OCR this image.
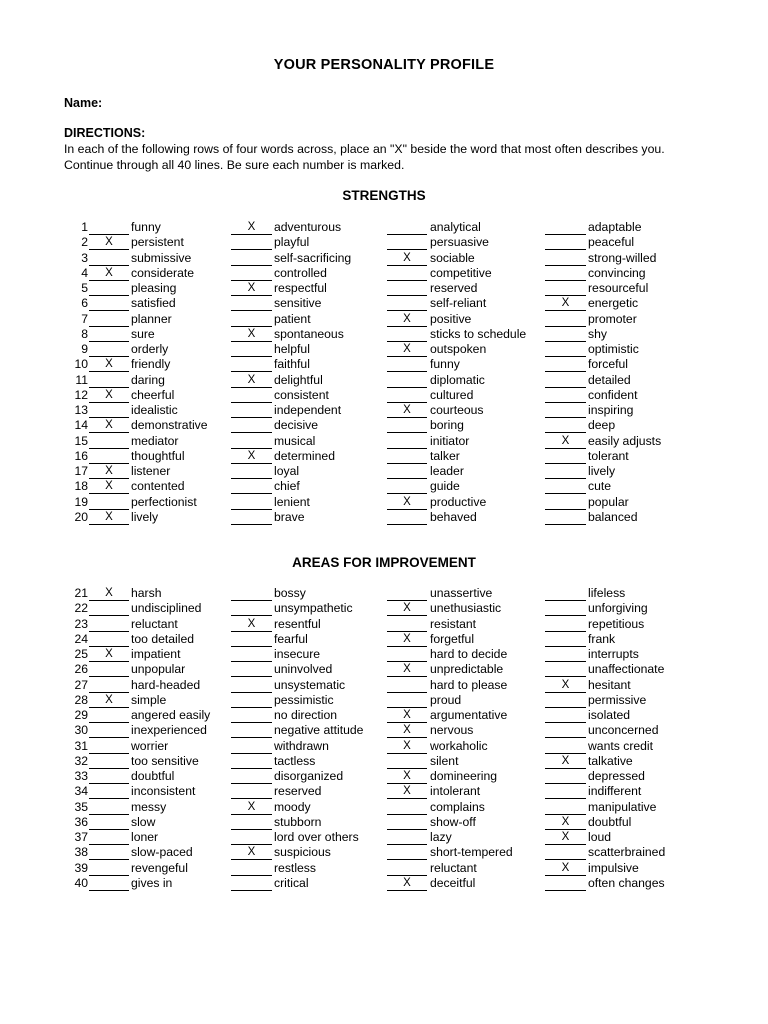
YOUR PERSONALITY PROFILE
Name:
DIRECTIONS:
In each of the following rows of four words across, place an "X" beside the word that most often describes you. Continue through all 40 lines. Be sure each number is marked.
STRENGTHS
1	funny	X	adventurous	analytical	adaptable
2	X	persistent	playful	persuasive	peaceful
3	submissive	self-sacrificing	X	sociable	strong-willed
4	X	considerate	controlled	competitive	convincing
5	pleasing	X	respectful	reserved	resourceful
6	satisfied	sensitive	self-reliant	X	energetic
7	planner	patient	X	positive	promoter
8	sure	X	spontaneous	sticks to schedule	shy
9	orderly	helpful	X	outspoken	optimistic
10	X	friendly	faithful	funny	forceful
11	daring	X	delightful	diplomatic	detailed
12	X	cheerful	consistent	cultured	confident
13	idealistic	independent	X	courteous	inspiring
14	X	demonstrative	decisive	boring	deep
15	mediator	musical	initiator	X	easily adjusts
16	thoughtful	X	determined	talker	tolerant
17	X	listener	loyal	leader	lively
18	X	contented	chief	guide	cute
19	perfectionist	lenient	X	productive	popular
20	X	lively	brave	behaved	balanced
AREAS FOR IMPROVEMENT
21	X	harsh	bossy	unassertive	lifeless
22	undisciplined	unsympathetic	X	unethusiastic	unforgiving
23	reluctant	X	resentful	resistant	repetitious
24	too detailed	fearful	X	forgetful	frank
25	X	impatient	insecure	hard to decide	interrupts
26	unpopular	uninvolved	X	unpredictable	unaffectionate
27	hard-headed	unsystematic	hard to please	X	hesitant
28	X	simple	pessimistic	proud	permissive
29	angered easily	no direction	X	argumentative	isolated
30	inexperienced	negative attitude	X	nervous	unconcerned
31	worrier	withdrawn	X	workaholic	wants credit
32	too sensitive	tactless	silent	X	talkative
33	doubtful	disorganized	X	domineering	depressed
34	inconsistent	reserved	X	intolerant	indifferent
35	messy	X	moody	complains	manipulative
36	slow	stubborn	show-off	X	doubtful
37	loner	lord over others	lazy	X	loud
38	slow-paced	X	suspicious	short-tempered	scatterbrained
39	revengeful	restless	reluctant	X	impulsive
40	gives in	critical	X	deceitful	often changes
